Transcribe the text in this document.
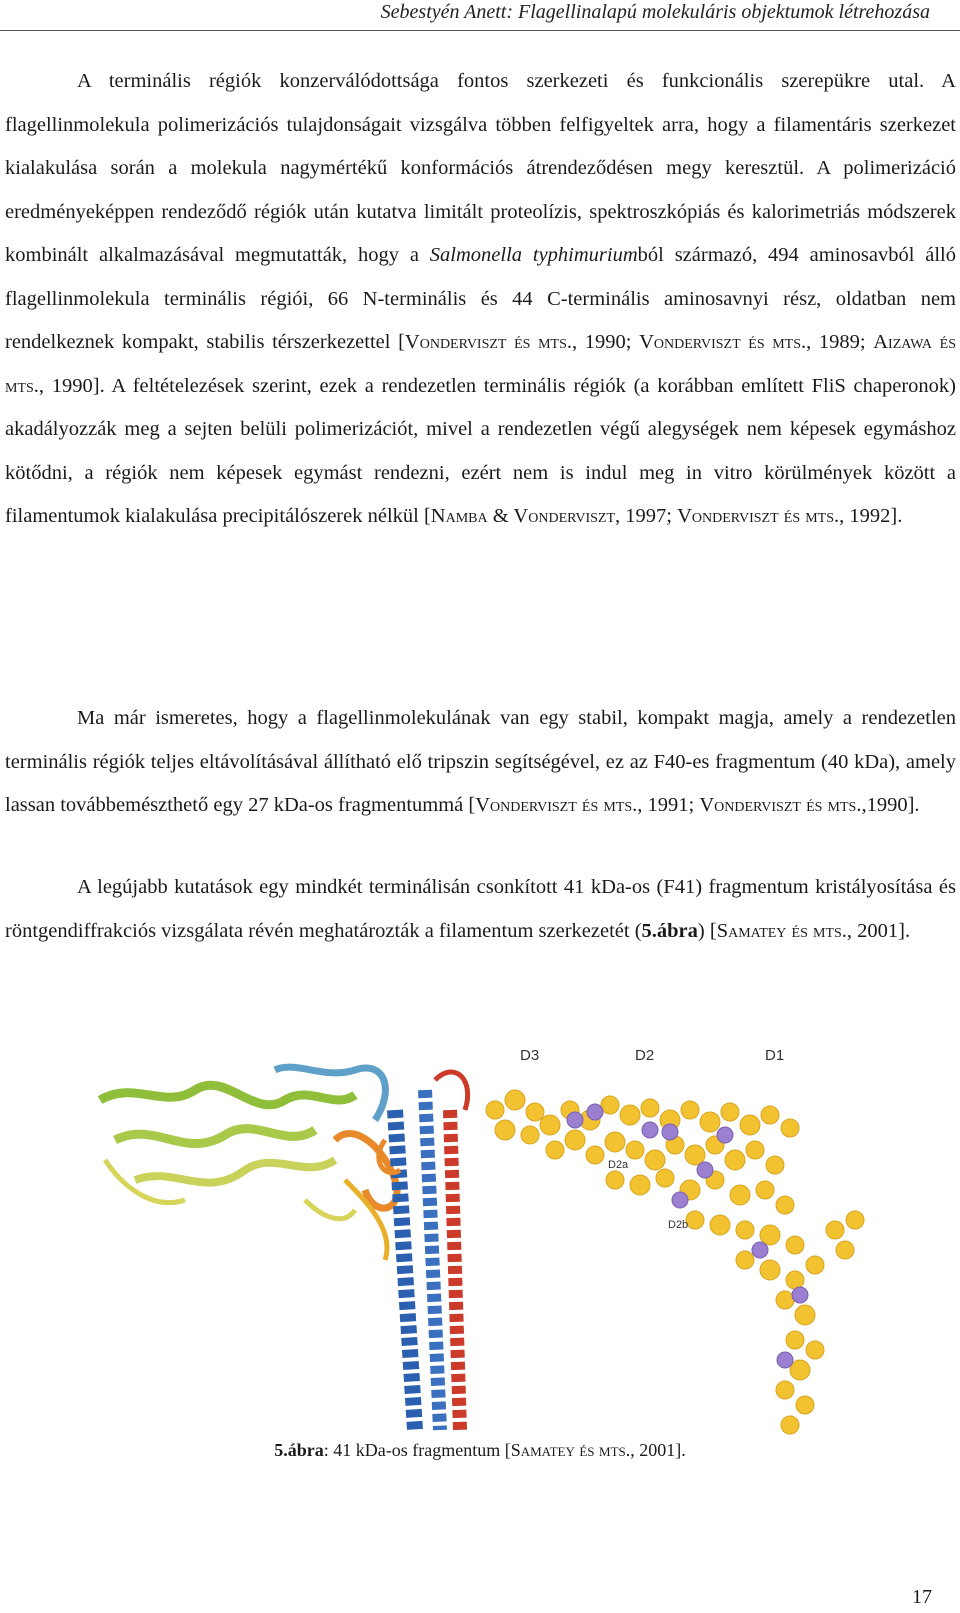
Sebestyén Anett: Flagellinalapú molekuláris objektumok létrehozása

A terminális régiók konzerválódottsága fontos szerkezeti és funkcionális szerepükre utal. A flagellinmolekula polimerizációs tulajdonságait vizsgálva többen felfigyeltek arra, hogy a filamentáris szerkezet kialakulása során a molekula nagymértékű konformációs átrendeződésen megy keresztül. A polimerizáció eredményeképpen rendeződő régiók után kutatva limitált proteolízis, spektroszkópiás és kalorimetriás módszerek kombinált alkalmazásával megmutatták, hogy a Salmonella typhimuriumból származó, 494 aminosavból álló flagellinmolekula terminális régiói, 66 N-terminális és 44 C-terminális aminosavnyi rész, oldatban nem rendelkeznek kompakt, stabilis térszerkezettel [Vonderviszt és mts., 1990; Vonderviszt és mts., 1989; Aizawa és mts., 1990]. A feltételezések szerint, ezek a rendezetlen terminális régiók (a korábban említett FliS chaperonok) akadályozzák meg a sejten belüli polimerizációt, mivel a rendezetlen végű alegységek nem képesek egymáshoz kötődni, a régiók nem képesek egymást rendezni, ezért nem is indul meg in vitro körülmények között a filamentumok kialakulása precipitálószerek nélkül [Namba & Vonderviszt, 1997; Vonderviszt és mts., 1992].

Ma már ismeretes, hogy a flagellinmolekulának van egy stabil, kompakt magja, amely a rendezetlen terminális régiók teljes eltávolításával állítható elő tripszin segítségével, ez az F40-es fragmentum (40 kDa), amely lassan továbbemészthető egy 27 kDa-os fragmentummá [Vonderviszt és mts., 1991; Vonderviszt és mts.,1990].

A legújabb kutatások egy mindkét terminálisán csonkított 41 kDa-os (F41) fragmentum kristályosítása és röntgendiffrakciós vizsgálata révén meghatározták a filamentum szerkezetét (5.ábra) [Samatey és mts., 2001].

D3	D2	D1
D2a
D2b
5.ábra: 41 kDa-os fragmentum [Samatey és mts., 2001].
17
